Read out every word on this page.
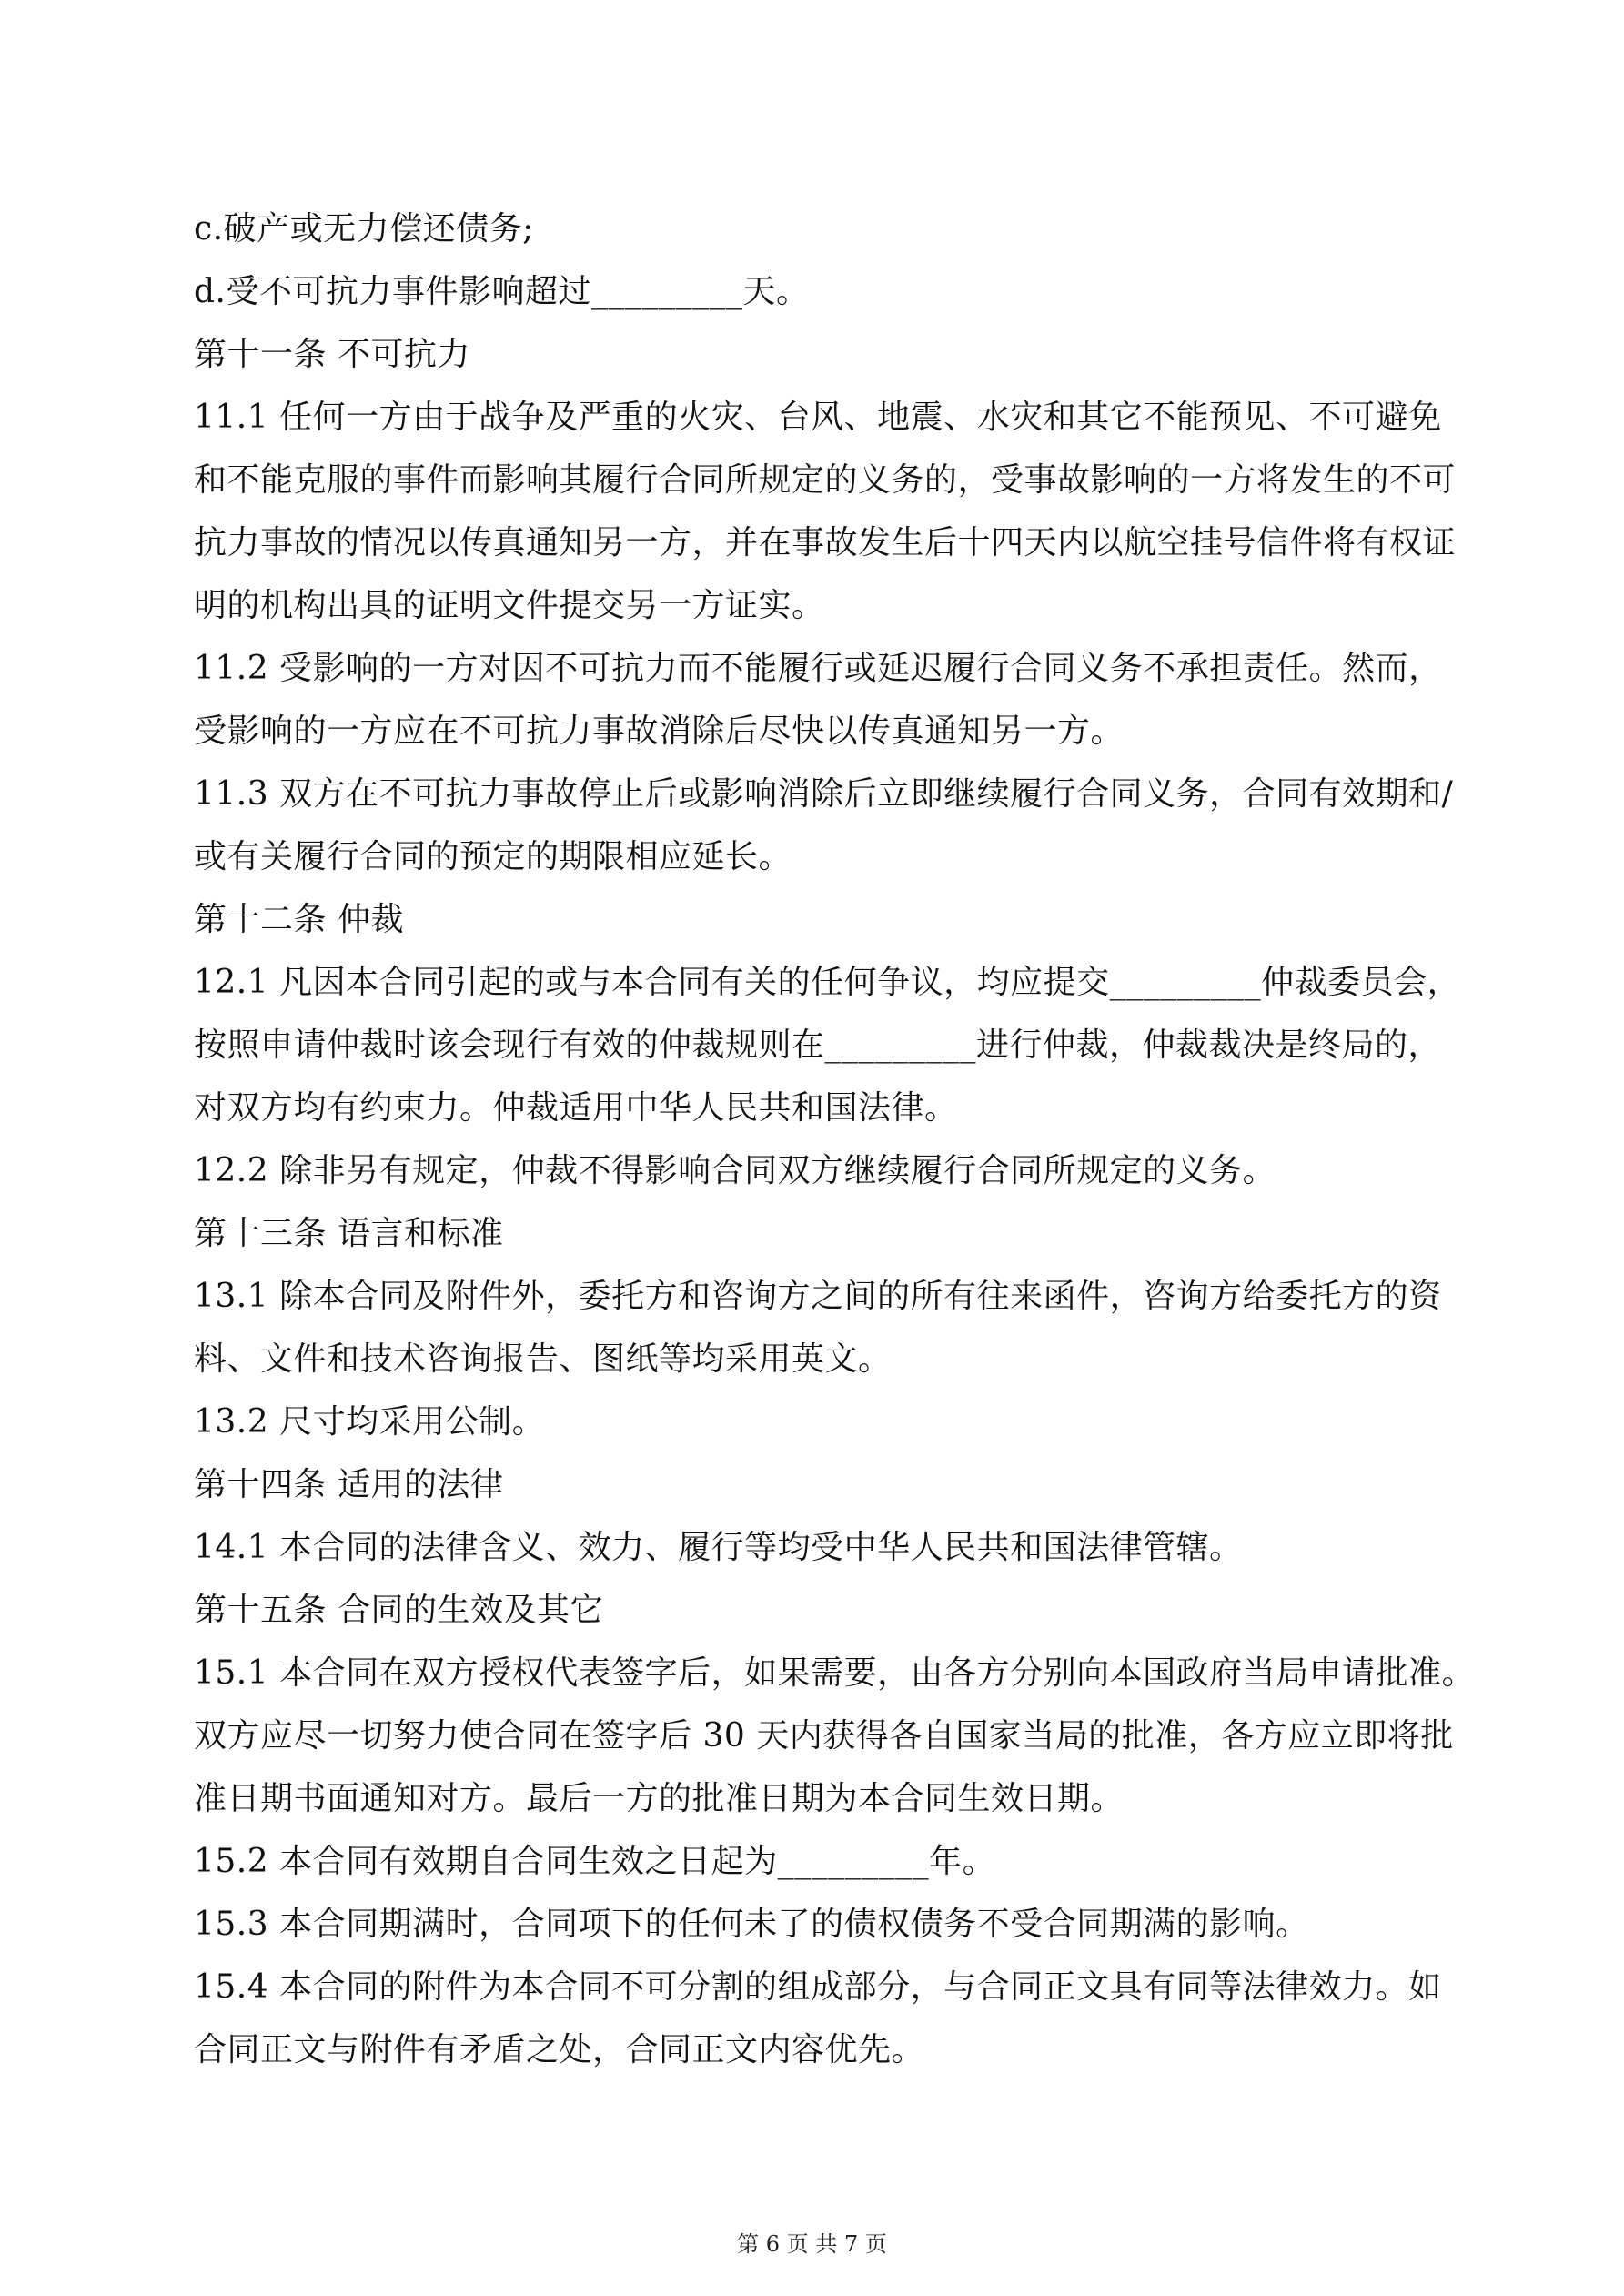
c.破产或无力偿还债务;
d.受不可抗力事件影响超过_________天。
第十一条 不可抗力
11.1 任何一方由于战争及严重的火灾、台风、地震、水灾和其它不能预见、不可避免
和不能克服的事件而影响其履行合同所规定的义务的，受事故影响的一方将发生的不可
抗力事故的情况以传真通知另一方，并在事故发生后十四天内以航空挂号信件将有权证
明的机构出具的证明文件提交另一方证实。
11.2 受影响的一方对因不可抗力而不能履行或延迟履行合同义务不承担责任。然而，
受影响的一方应在不可抗力事故消除后尽快以传真通知另一方。
11.3 双方在不可抗力事故停止后或影响消除后立即继续履行合同义务，合同有效期和/
或有关履行合同的预定的期限相应延长。
第十二条 仲裁
12.1 凡因本合同引起的或与本合同有关的任何争议，均应提交_________仲裁委员会，
按照申请仲裁时该会现行有效的仲裁规则在_________进行仲裁，仲裁裁决是终局的，
对双方均有约束力。仲裁适用中华人民共和国法律。
12.2 除非另有规定，仲裁不得影响合同双方继续履行合同所规定的义务。
第十三条 语言和标准
13.1 除本合同及附件外，委托方和咨询方之间的所有往来函件，咨询方给委托方的资
料、文件和技术咨询报告、图纸等均采用英文。
13.2 尺寸均采用公制。
第十四条 适用的法律
14.1 本合同的法律含义、效力、履行等均受中华人民共和国法律管辖。
第十五条 合同的生效及其它
15.1 本合同在双方授权代表签字后，如果需要，由各方分别向本国政府当局申请批准。
双方应尽一切努力使合同在签字后 30 天内获得各自国家当局的批准，各方应立即将批
准日期书面通知对方。最后一方的批准日期为本合同生效日期。
15.2 本合同有效期自合同生效之日起为_________年。
15.3 本合同期满时，合同项下的任何未了的债权债务不受合同期满的影响。
15.4 本合同的附件为本合同不可分割的组成部分，与合同正文具有同等法律效力。如
合同正文与附件有矛盾之处，合同正文内容优先。
第 6 页 共 7 页
